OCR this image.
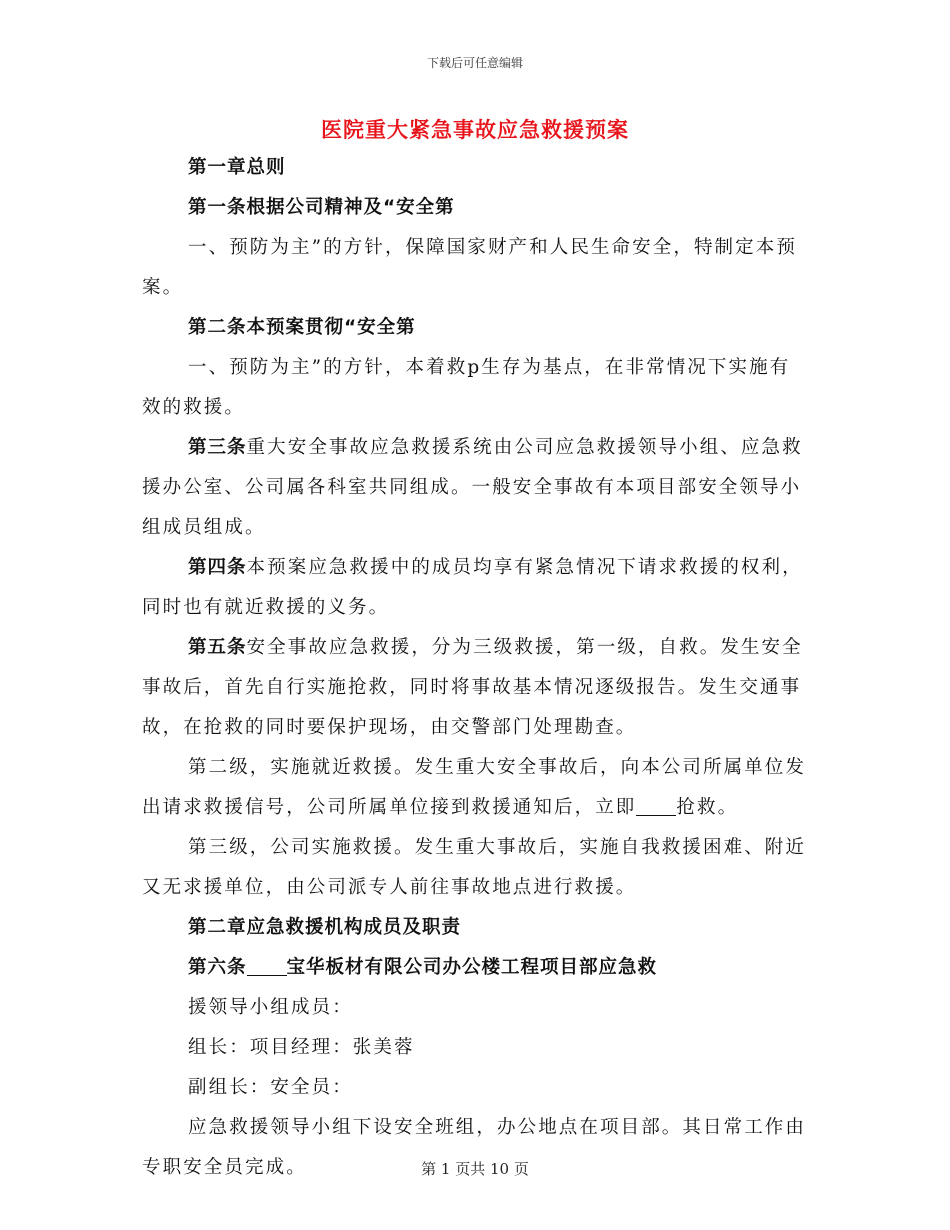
下载后可任意编辑
医院重大紧急事故应急救援预案

第一章总则

第一条根据公司精神及“安全第

一、预防为主”的方针，保障国家财产和人民生命安全，特制定本预案。

第二条本预案贯彻“安全第

一、预防为主”的方针，本着救p生存为基点，在非常情况下实施有效的救援。

第三条重大安全事故应急救援系统由公司应急救援领导小组、应急救援办公室、公司属各科室共同组成。一般安全事故有本项目部安全领导小组成员组成。

第四条本预案应急救援中的成员均享有紧急情况下请求救援的权利，同时也有就近救援的义务。

第五条安全事故应急救援，分为三级救援，第一级，自救。发生安全事故后，首先自行实施抢救，同时将事故基本情况逐级报告。发生交通事故，在抢救的同时要保护现场，由交警部门处理勘查。

第二级，实施就近救援。发生重大安全事故后，向本公司所属单位发出请求救援信号，公司所属单位接到救援通知后，立即 抢救。

第三级，公司实施救援。发生重大事故后，实施自我救援困难、附近又无求援单位，由公司派专人前往事故地点进行救援。

第二章应急救援机构成员及职责

第六条 宝华板材有限公司办公楼工程项目部应急救

援领导小组成员：

组长：项目经理：张美蓉

副组长：安全员：

应急救援领导小组下设安全班组，办公地点在项目部。其日常工作由专职安全员完成。	第 1 页共 10 页
